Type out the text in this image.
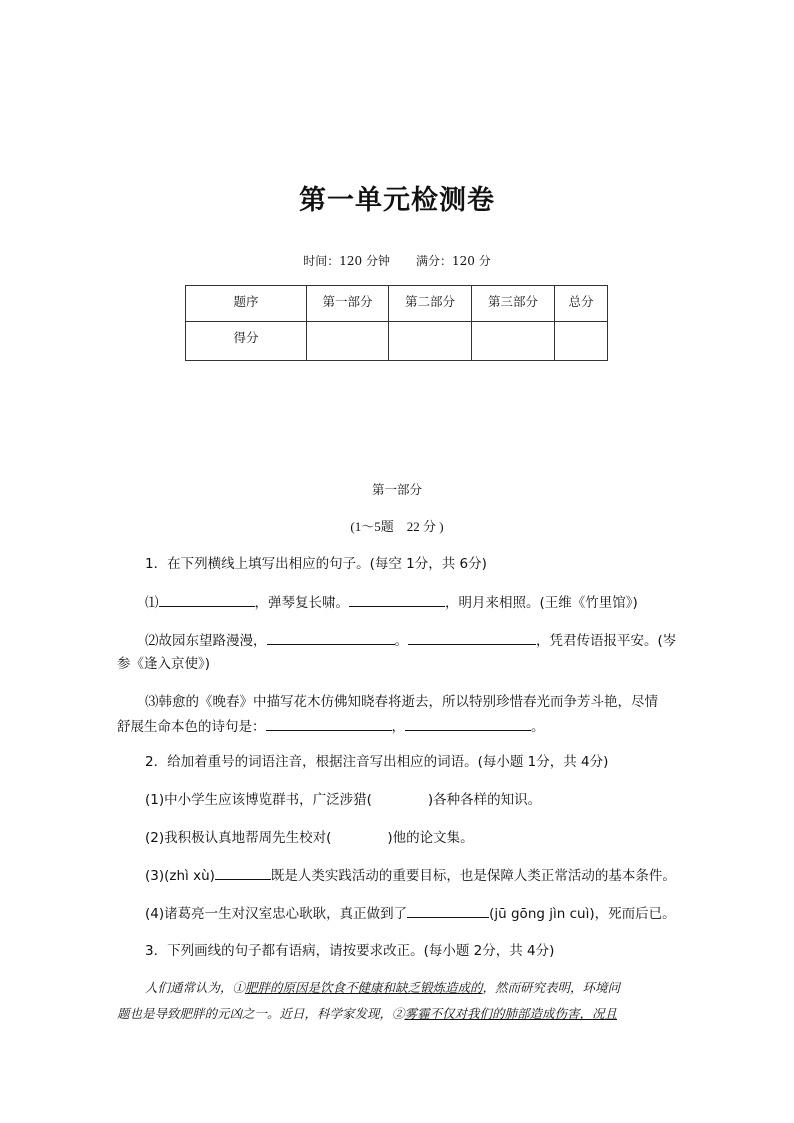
第一单元检测卷
时间：120 分钟 满分：120 分
题序	第一部分	第二部分	第三部分	总分
得分				
第一部分
(1～5题　22 分 )
1．在下列横线上填写出相应的句子。(每空 1分，共 6分)
⑴	，弹琴复长啸。	，明月来相照。(王维《竹里馆》)
⑵故园东望路漫漫，	。	，凭君传语报平安。(岑
参《逢入京使》)
⑶韩愈的《晚春》中描写花木仿佛知晓春将逝去，所以特别珍惜春光而争芳斗艳，尽情
舒展生命本色的诗句是：	，	。
2．给加着重号的词语注音，根据注音写出相应的词语。(每小题 1分，共 4分)
(1)中小学生应该博览群书，广泛涉猎(	)各种各样的知识。
(2)我积极认真地帮周先生校对(	)他的论文集。
(3)(zhì xù)	既是人类实践活动的重要目标，也是保障人类正常活动的基本条件。
(4)诸葛亮一生对汉室忠心耿耿，真正做到了	(jū gōng jìn cuì)，死而后已。
3．下列画线的句子都有语病，请按要求改正。(每小题 2分，共 4分)
人们通常认为，①肥胖的原因是饮食不健康和缺乏锻炼造成的，然而研究表明，环境问
题也是导致肥胖的元凶之一。近日，科学家发现，②雾霾不仅对我们的肺部造成伤害，况且
